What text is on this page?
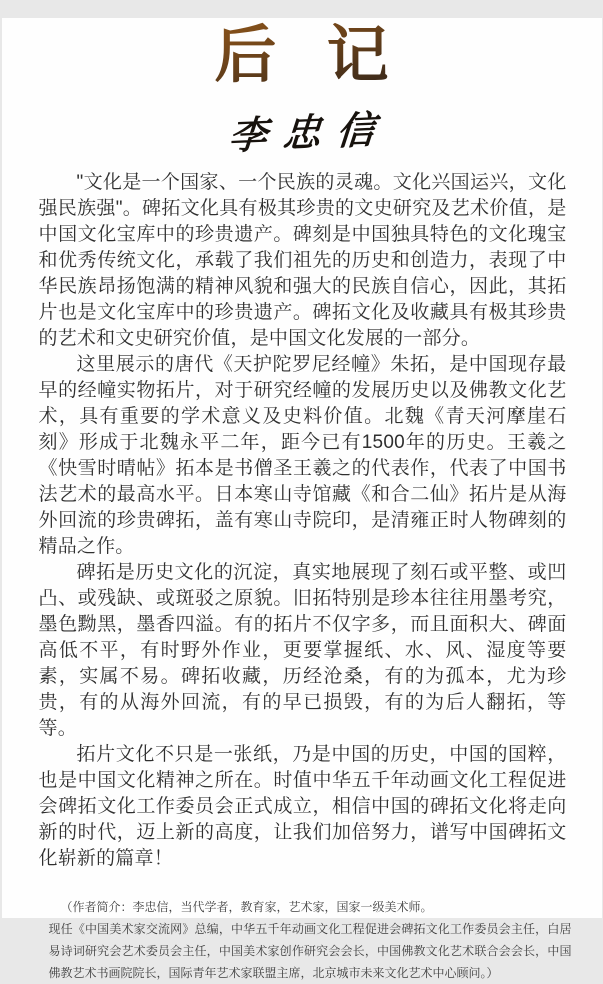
后 记
李忠信

"文化是一个国家、一个民族的灵魂。文化兴国运兴，文化强民族强"。碑拓文化具有极其珍贵的文史研究及艺术价值，是中国文化宝库中的珍贵遗产。碑刻是中国独具特色的文化瑰宝和优秀传统文化，承载了我们祖先的历史和创造力，表现了中华民族昂扬饱满的精神风貌和强大的民族自信心，因此，其拓片也是文化宝库中的珍贵遗产。碑拓文化及收藏具有极其珍贵的艺术和文史研究价值，是中国文化发展的一部分。

这里展示的唐代《天护陀罗尼经幢》朱拓，是中国现存最早的经幢实物拓片，对于研究经幢的发展历史以及佛教文化艺术，具有重要的学术意义及史料价值。北魏《青天河摩崖石刻》形成于北魏永平二年，距今已有1500年的历史。王羲之《快雪时晴帖》拓本是书僧圣王羲之的代表作，代表了中国书法艺术的最高水平。日本寒山寺馆藏《和合二仙》拓片是从海外回流的珍贵碑拓，盖有寒山寺院印，是清雍正时人物碑刻的精品之作。

碑拓是历史文化的沉淀，真实地展现了刻石或平整、或凹凸、或残缺、或斑驳之原貌。旧拓特别是珍本往往用墨考究，墨色黝黑，墨香四溢。有的拓片不仅字多，而且面积大、碑面高低不平，有时野外作业，更要掌握纸、水、风、湿度等要素，实属不易。碑拓收藏，历经沧桑，有的为孤本，尤为珍贵，有的从海外回流，有的早已损毁，有的为后人翻拓，等等。

拓片文化不只是一张纸，乃是中国的历史，中国的国粹，也是中国文化精神之所在。时值中华五千年动画文化工程促进会碑拓文化工作委员会正式成立，相信中国的碑拓文化将走向新的时代，迈上新的高度，让我们加倍努力，谱写中国碑拓文化崭新的篇章！

（作者简介：李忠信，当代学者，教育家，艺术家，国家一级美术师。

现任《中国美术家交流网》总编，中华五千年动画文化工程促进会碑拓文化工作委员会主任，白居易诗词研究会艺术委员会主任，中国美术家创作研究会会长，中国佛教文化艺术联合会会长，中国佛教艺术书画院院长，国际青年艺术家联盟主席，北京城市未来文化艺术中心顾问。）
